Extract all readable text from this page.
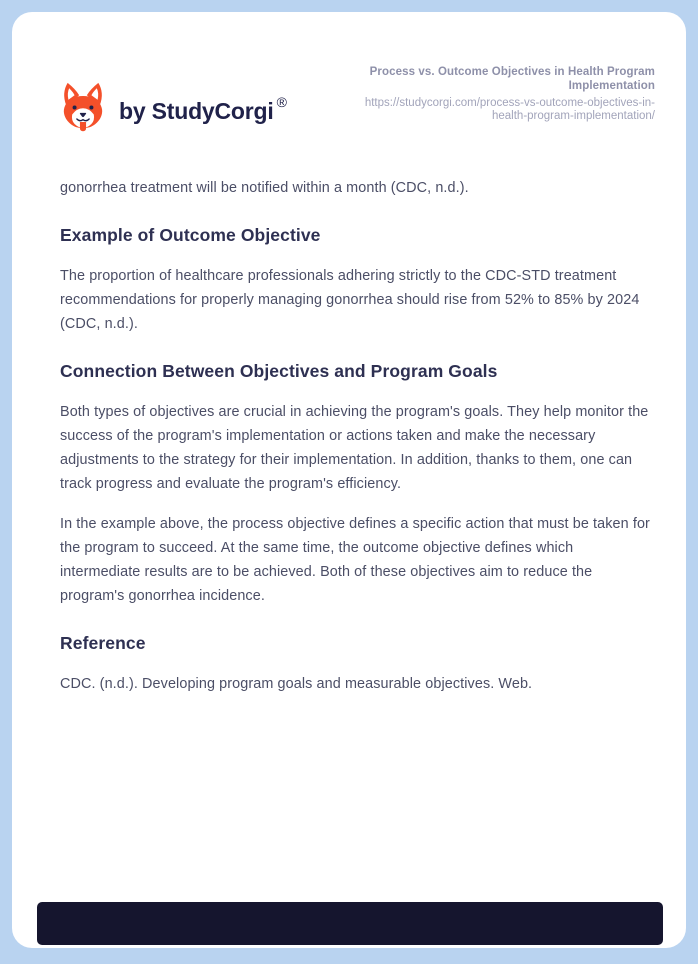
by StudyCorgi ®
Process vs. Outcome Objectives in Health Program Implementation
https://studycorgi.com/process-vs-outcome-objectives-in-health-program-implementation/

gonorrhea treatment will be notified within a month (CDC, n.d.).

Example of Outcome Objective

The proportion of healthcare professionals adhering strictly to the CDC-STD treatment recommendations for properly managing gonorrhea should rise from 52% to 85% by 2024 (CDC, n.d.).

Connection Between Objectives and Program Goals

Both types of objectives are crucial in achieving the program's goals. They help monitor the success of the program's implementation or actions taken and make the necessary adjustments to the strategy for their implementation. In addition, thanks to them, one can track progress and evaluate the program's efficiency.

In the example above, the process objective defines a specific action that must be taken for the program to succeed. At the same time, the outcome objective defines which intermediate results are to be achieved. Both of these objectives aim to reduce the program's gonorrhea incidence.

Reference

CDC. (n.d.). Developing program goals and measurable objectives. Web.
